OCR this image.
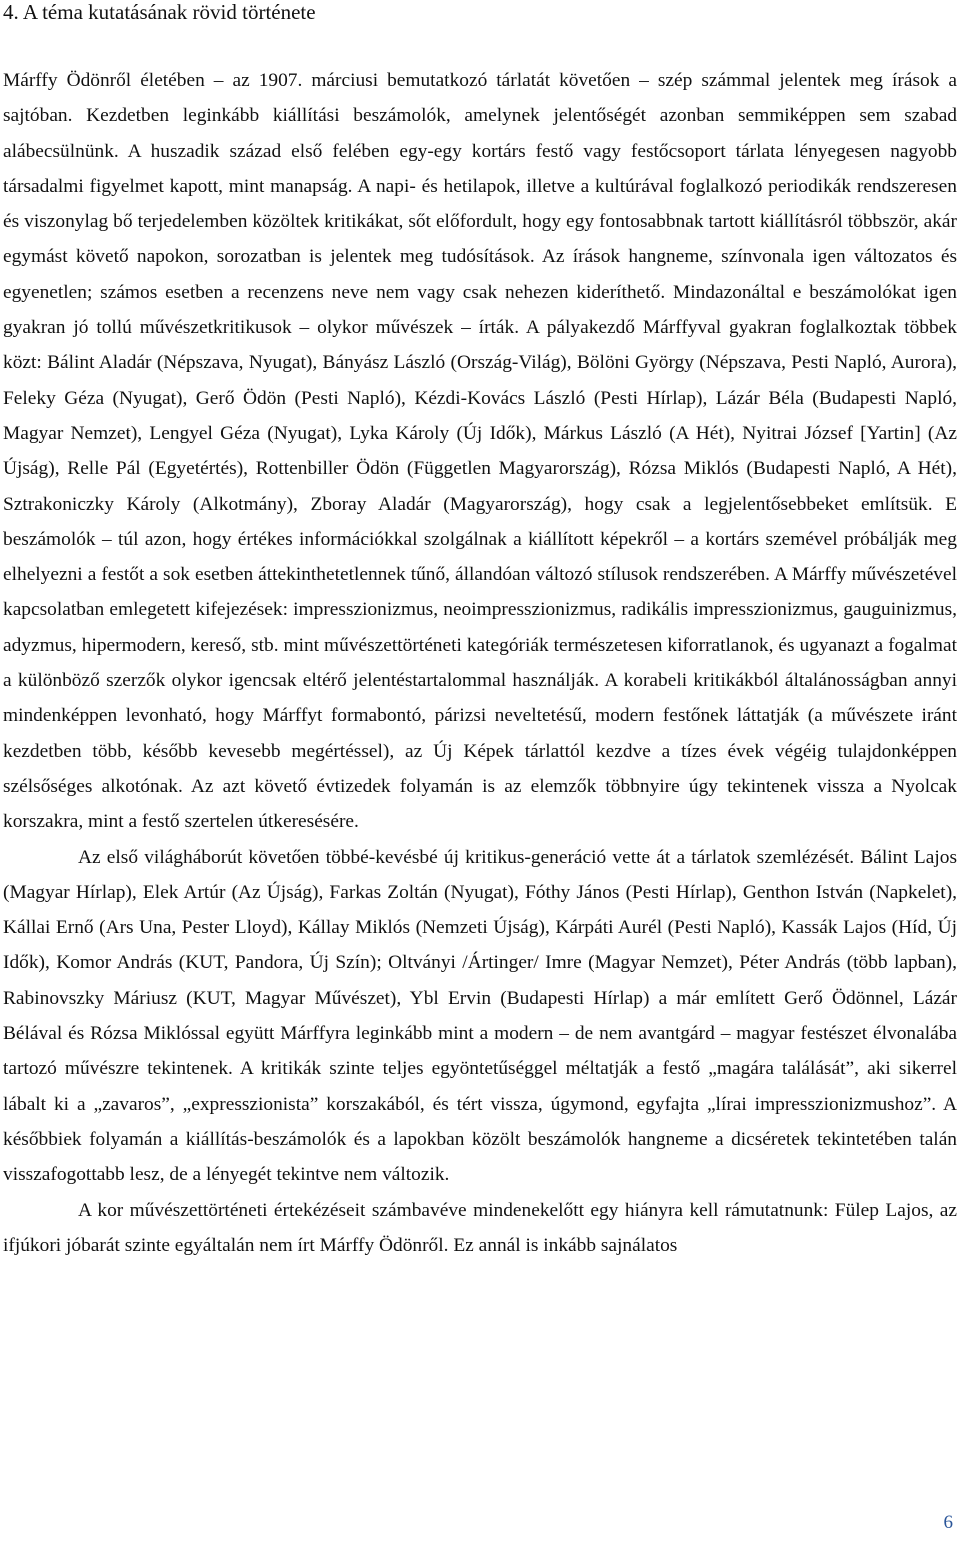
4. A téma kutatásának rövid története

Márffy Ödönről életében – az 1907. márciusi bemutatkozó tárlatát követően – szép számmal jelentek meg írások a sajtóban. Kezdetben leginkább kiállítási beszámolók, amelynek jelentőségét azonban semmiképpen sem szabad alábecsülnünk. A huszadik század első felében egy-egy kortárs festő vagy festőcsoport tárlata lényegesen nagyobb társadalmi figyelmet kapott, mint manapság. A napi- és hetilapok, illetve a kultúrával foglalkozó periodikák rendszeresen és viszonylag bő terjedelemben közöltek kritikákat, sőt előfordult, hogy egy fontosabbnak tartott kiállításról többször, akár egymást követő napokon, sorozatban is jelentek meg tudósítások. Az írások hangneme, színvonala igen változatos és egyenetlen; számos esetben a recenzens neve nem vagy csak nehezen kideríthető. Mindazonáltal e beszámolókat igen gyakran jó tollú művészetkritikusok – olykor művészek – írták. A pályakezdő Márffyval gyakran foglalkoztak többek közt: Bálint Aladár (Népszava, Nyugat), Bányász László (Ország-Világ), Bölöni György (Népszava, Pesti Napló, Aurora), Feleky Géza (Nyugat), Gerő Ödön (Pesti Napló), Kézdi-Kovács László (Pesti Hírlap), Lázár Béla (Budapesti Napló, Magyar Nemzet), Lengyel Géza (Nyugat), Lyka Károly (Új Idők), Márkus László (A Hét), Nyitrai József [Yartin] (Az Újság), Relle Pál (Egyetértés), Rottenbiller Ödön (Független Magyarország), Rózsa Miklós (Budapesti Napló, A Hét), Sztrakoniczky Károly (Alkotmány), Zboray Aladár (Magyarország), hogy csak a legjelentősebbeket említsük. E beszámolók – túl azon, hogy értékes információkkal szolgálnak a kiállított képekről – a kortárs szemével próbálják meg elhelyezni a festőt a sok esetben áttekinthetetlennek tűnő, állandóan változó stílusok rendszerében. A Márffy művészetével kapcsolatban emlegetett kifejezések: impresszionizmus, neoimpresszionizmus, radikális impresszionizmus, gauguinizmus, adyzmus, hipermodern, kereső, stb. mint művészettörténeti kategóriák természetesen kiforratlanok, és ugyanazt a fogalmat a különböző szerzők olykor igencsak eltérő jelentéstartalommal használják. A korabeli kritikákból általánosságban annyi mindenképpen levonható, hogy Márffyt formabontó, párizsi neveltetésű, modern festőnek láttatják (a művészete iránt kezdetben több, később kevesebb megértéssel), az Új Képek tárlattól kezdve a tízes évek végéig tulajdonképpen szélsőséges alkotónak. Az azt követő évtizedek folyamán is az elemzők többnyire úgy tekintenek vissza a Nyolcak korszakra, mint a festő szertelen útkeresésére.

Az első világháborút követően többé-kevésbé új kritikus-generáció vette át a tárlatok szemlézését. Bálint Lajos (Magyar Hírlap), Elek Artúr (Az Újság), Farkas Zoltán (Nyugat), Fóthy János (Pesti Hírlap), Genthon István (Napkelet), Kállai Ernő (Ars Una, Pester Lloyd), Kállay Miklós (Nemzeti Újság), Kárpáti Aurél (Pesti Napló), Kassák Lajos (Híd, Új Idők), Komor András (KUT, Pandora, Új Szín); Oltványi /Ártinger/ Imre (Magyar Nemzet), Péter András (több lapban), Rabinovszky Máriusz (KUT, Magyar Művészet), Ybl Ervin (Budapesti Hírlap) a már említett Gerő Ödönnel, Lázár Bélával és Rózsa Miklóssal együtt Márffyra leginkább mint a modern – de nem avantgárd – magyar festészet élvonalába tartozó művészre tekintenek. A kritikák szinte teljes egyöntetűséggel méltatják a festő „magára találását”, aki sikerrel lábalt ki a „zavaros”, „expresszionista” korszakából, és tért vissza, úgymond, egyfajta „lírai impresszionizmushoz”. A későbbiek folyamán a kiállítás-beszámolók és a lapokban közölt beszámolók hangneme a dicséretek tekintetében talán visszafogottabb lesz, de a lényegét tekintve nem változik.

A kor művészettörténeti értekézéseit számbavéve mindenekelőtt egy hiányra kell rámutatnunk: Fülep Lajos, az ifjúkori jóbarát szinte egyáltalán nem írt Márffy Ödönről. Ez annál is inkább sajnálatos

6
